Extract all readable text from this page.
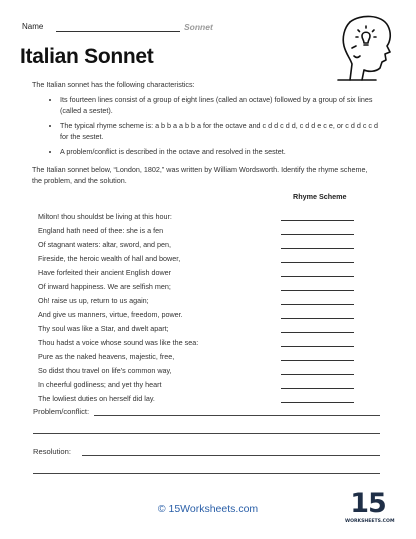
Name	Sonnet
Italian Sonnet
The Italian sonnet has the following characteristics:
• Its fourteen lines consist of a group of eight lines (called an octave) followed by a group of six lines (called a sestet).
• The typical rhyme scheme is: a b b a a b b a for the octave and c d d c d d, c d d e c e, or c d d c c d for the sestet.
• A problem/conflict is described in the octave and resolved in the sestet.
The Italian sonnet below, “London, 1802,” was written by William Wordsworth. Identify the rhyme scheme, the problem, and the solution.
Rhyme Scheme
Milton! thou shouldst be living at this hour:
England hath need of thee: she is a fen
Of stagnant waters: altar, sword, and pen,
Fireside, the heroic wealth of hall and bower,
Have forfeited their ancient English dower
Of inward happiness. We are selfish men;
Oh! raise us up, return to us again;
And give us manners, virtue, freedom, power.
Thy soul was like a Star, and dwelt apart;
Thou hadst a voice whose sound was like the sea:
Pure as the naked heavens, majestic, free,
So didst thou travel on life’s common way,
In cheerful godliness; and yet thy heart
The lowliest duties on herself did lay.
Problem/conflict:
Resolution:
© 15Worksheets.com	15
WORKSHEETS.COM
